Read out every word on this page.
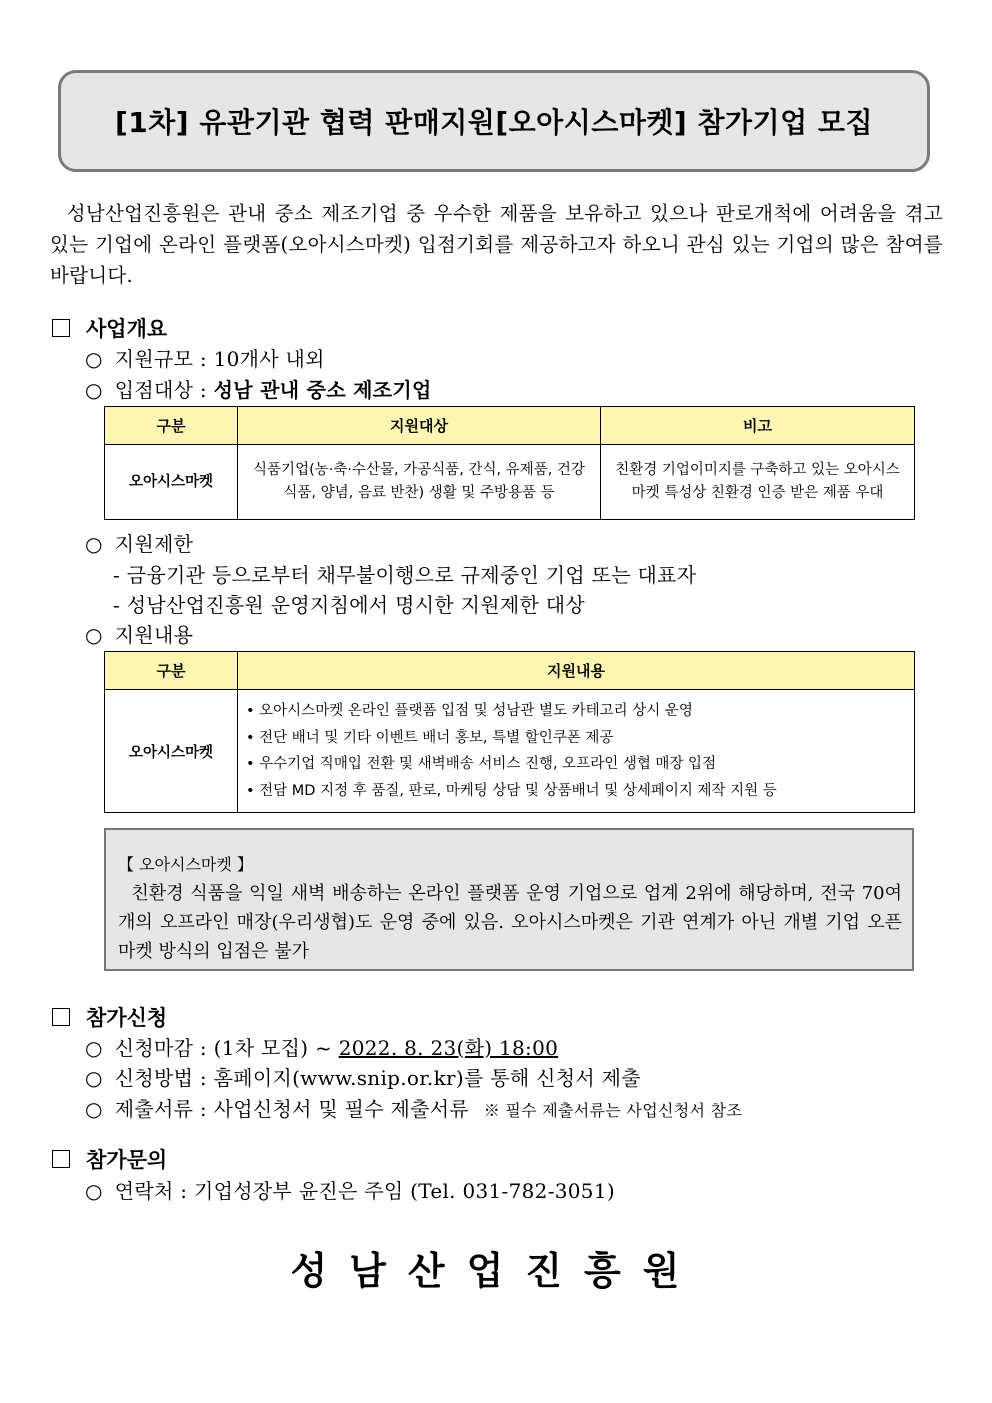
[1차] 유관기관 협력 판매지원[오아시스마켓] 참가기업 모집
성남산업진흥원은 관내 중소 제조기업 중 우수한 제품을 보유하고 있으나 판로개척에 어려움을 겪고 있는 기업에 온라인 플랫폼(오아시스마켓) 입점기회를 제공하고자 하오니 관심 있는 기업의 많은 참여를 바랍니다.
사업개요
○ 지원규모 : 10개사 내외
○ 입점대상 : 성남 관내 중소 제조기업
구분	지원대상	비고
오아시스마켓	식품기업(농·축·수산물, 가공식품, 간식, 유제품, 건강식품, 양념, 음료 반찬) 생활 및 주방용품 등	친환경 기업이미지를 구축하고 있는 오아시스마켓 특성상 친환경 인증 받은 제품 우대
○ 지원제한
- 금융기관 등으로부터 채무불이행으로 규제중인 기업 또는 대표자
- 성남산업진흥원 운영지침에서 명시한 지원제한 대상
○ 지원내용
구분	지원내용
오아시스마켓	• 오아시스마켓 온라인 플랫폼 입점 및 성남관 별도 카테고리 상시 운영
• 전단 배너 및 기타 이벤트 배너 홍보, 특별 할인쿠폰 제공
• 우수기업 직매입 전환 및 새벽배송 서비스 진행, 오프라인 생협 매장 입점
• 전담 MD 지정 후 품질, 판로, 마케팅 상담 및 상품배너 및 상세페이지 제작 지원 등
【 오아시스마켓 】
친환경 식품을 익일 새벽 배송하는 온라인 플랫폼 운영 기업으로 업계 2위에 해당하며, 전국 70여개의 오프라인 매장(우리생협)도 운영 중에 있음. 오아시스마켓은 기관 연계가 아닌 개별 기업 오픈 마켓 방식의 입점은 불가
참가신청
○ 신청마감 : (1차 모집) ~ 2022. 8. 23(화) 18:00
○ 신청방법 : 홈페이지(www.snip.or.kr)를 통해 신청서 제출
○ 제출서류 : 사업신청서 및 필수 제출서류 ※ 필수 제출서류는 사업신청서 참조
참가문의
○ 연락처 : 기업성장부 윤진은 주임 (Tel. 031-782-3051)
성남산업진흥원
